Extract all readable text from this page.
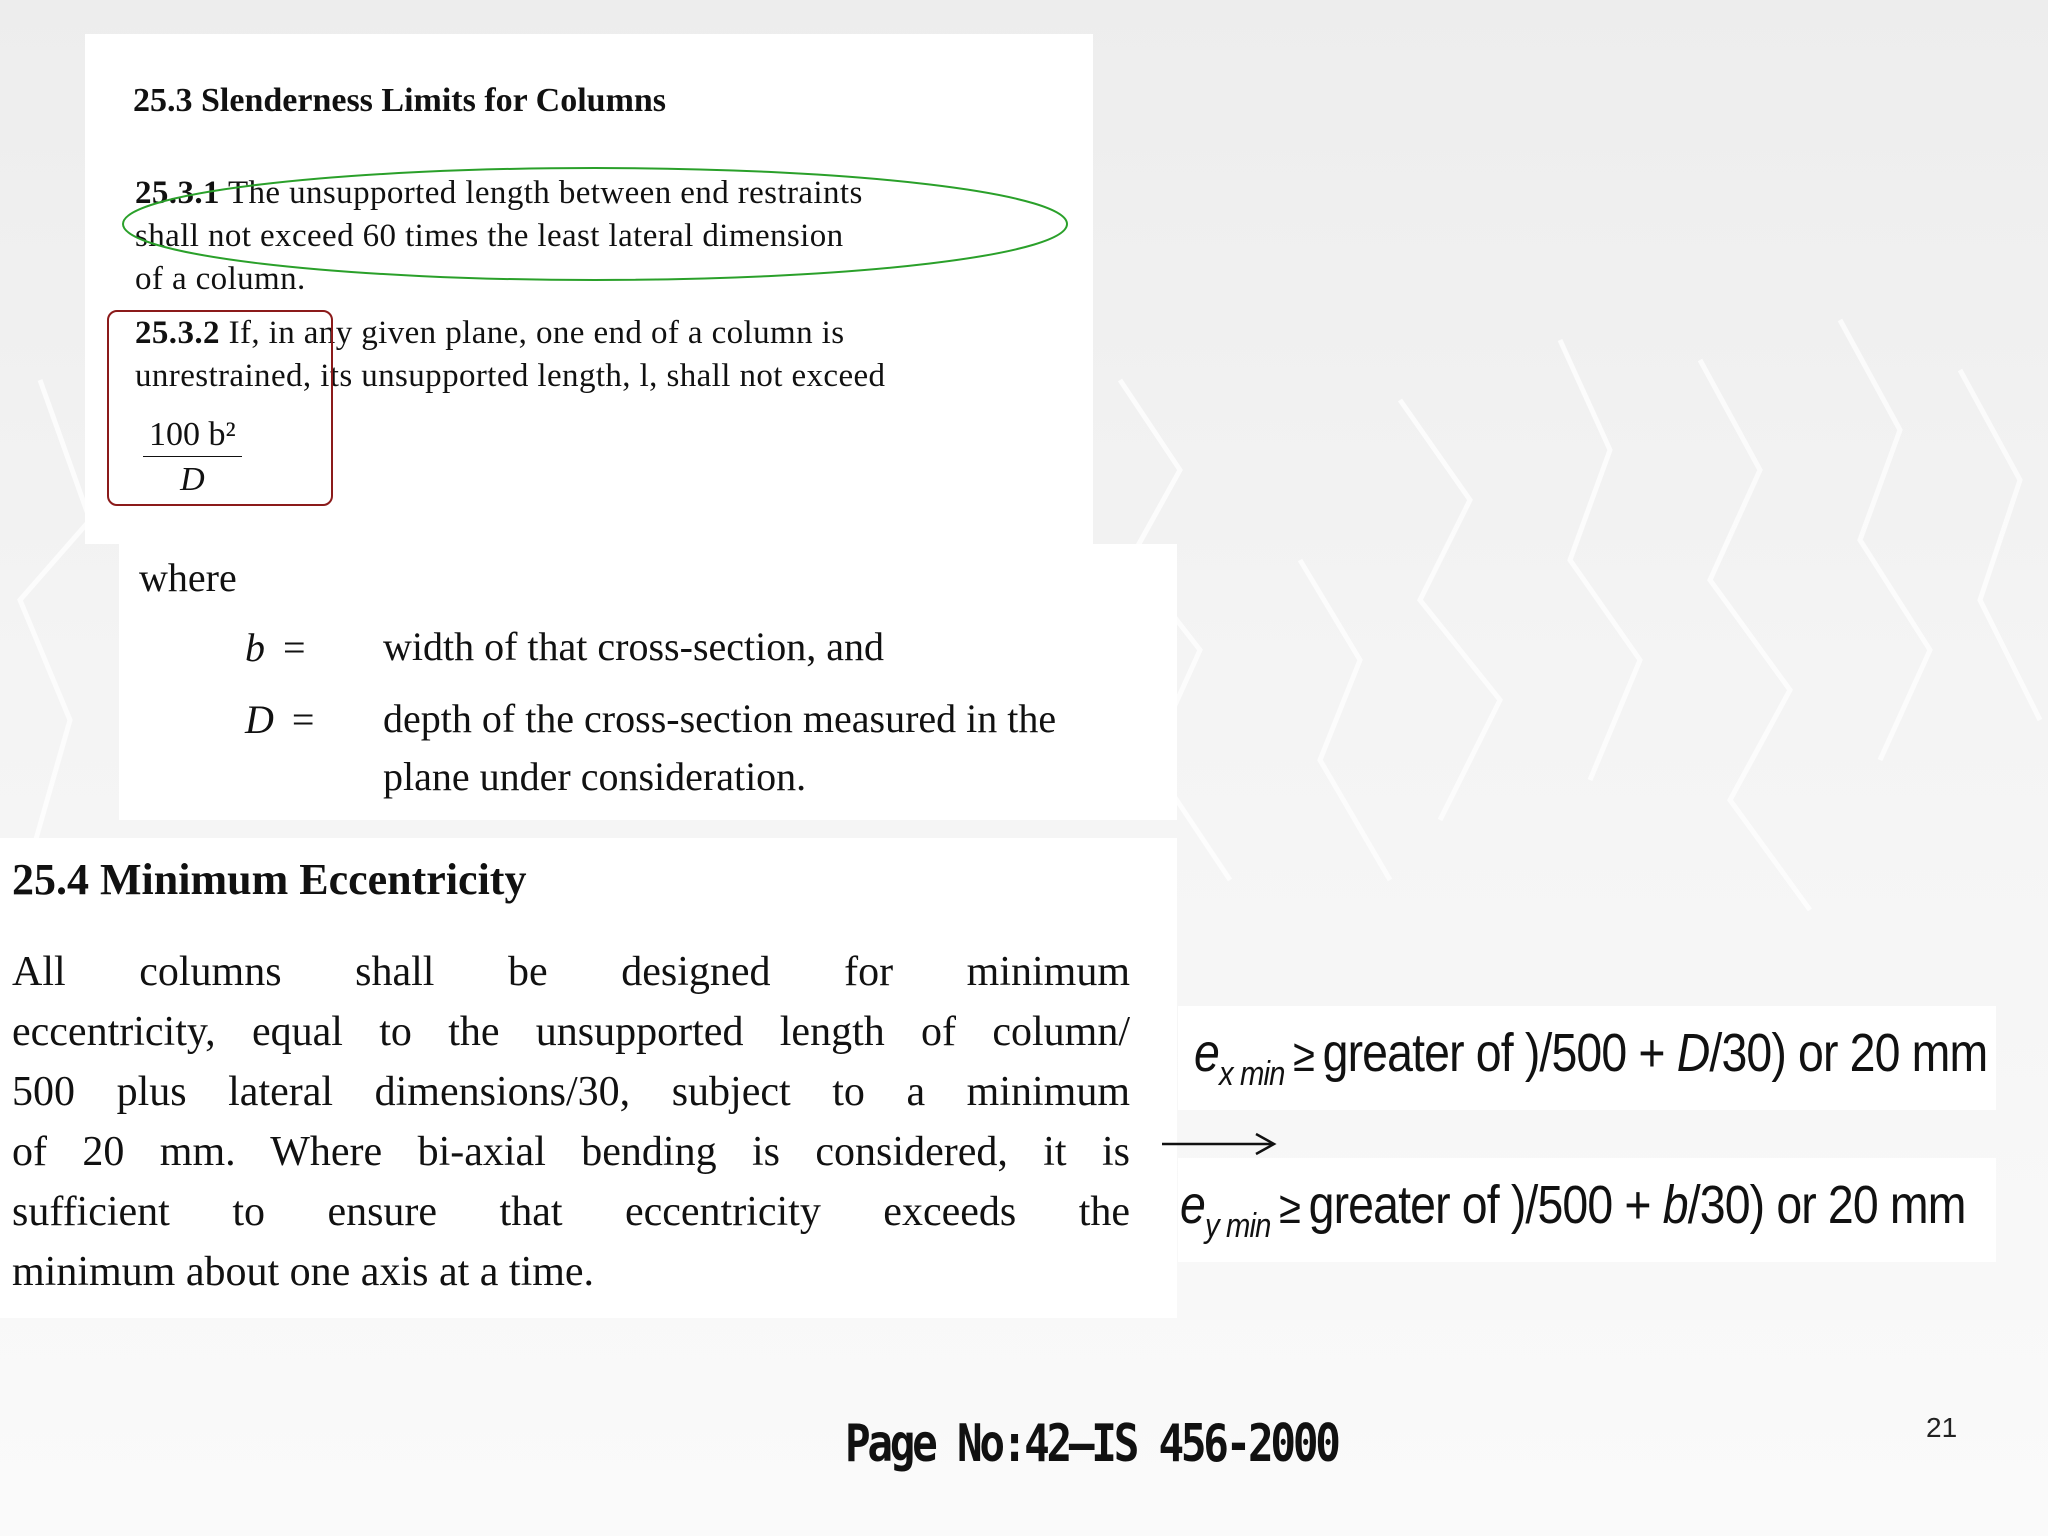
25.3 Slenderness Limits for Columns
25.3.1 The unsupported length between end restraints
shall not exceed 60 times the least lateral dimension
of a column.
25.3.2 If, in any given plane, one end of a column is
unrestrained, its unsupported length, l, shall not exceed
$\frac{\text{100 b²}}{D}$
where
b = width of that cross-section, and
D = depth of the cross-section measured in the
plane under consideration.
25.4 Minimum Eccentricity
All columns shall be designed for minimum
eccentricity, equal to the unsupported length of column/
500 plus lateral dimensions/30, subject to a minimum
of 20 mm. Where bi-axial bending is considered, it is
sufficient to ensure that eccentricity exceeds the
minimum about one axis at a time.
$e_{x min}$ ≥ greater of )/500 + D/30) or 20 mm
$e_{y min}$ ≥ greater of )/500 + b/30) or 20 mm
Page No:42–IS 456-2000	21
